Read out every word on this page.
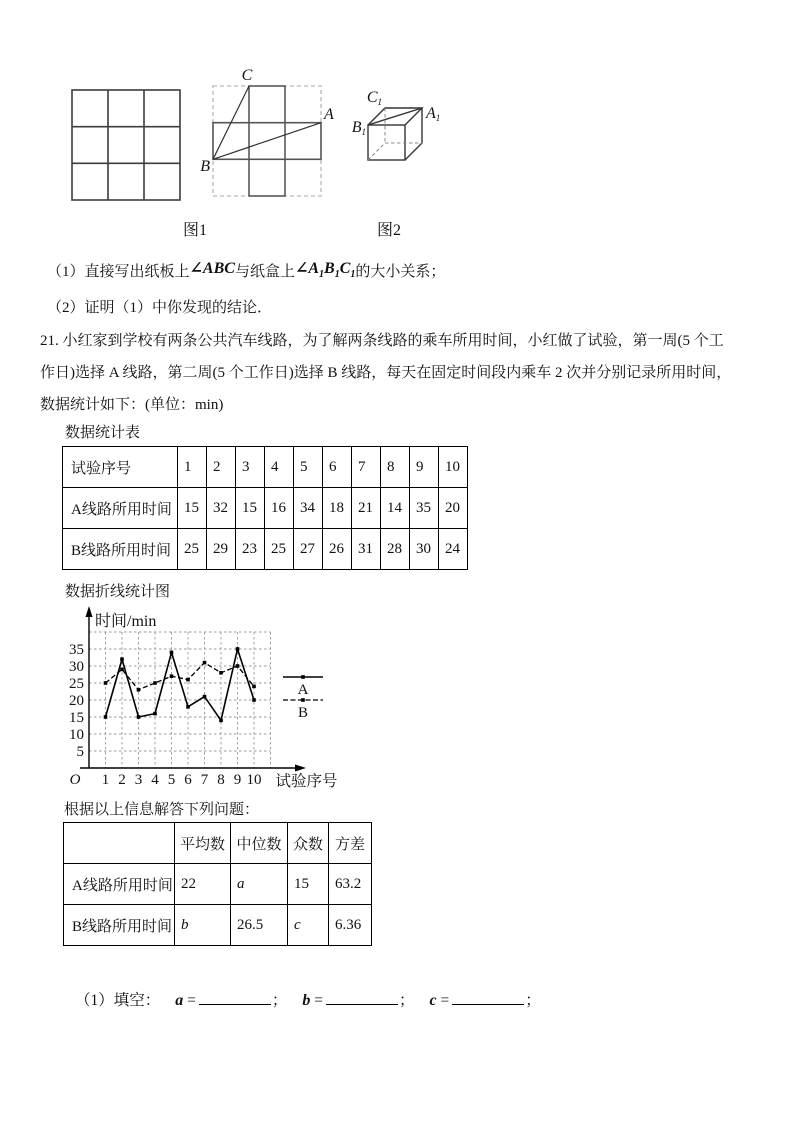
B
A
C
C1
A1
B1
图1	图2
（1）直接写出纸板上∠ABC与纸盒上$\angle A_1B_1C_1$的大小关系；
（2）证明（1）中你发现的结论．
21. 小红家到学校有两条公共汽车线路，为了解两条线路的乘车所用时间，小红做了试验，第一周(5 个工
作日)选择 A 线路，第二周(5 个工作日)选择 B 线路，每天在固定时间段内乘车 2 次并分别记录所用时间，
数据统计如下：(单位：min)
数据统计表
试验序号	1	2	3	4	5	6	7	8	9	10
A线路所用时间	15	32	15	16	34	18	21	14	35	20
B线路所用时间	25	29	23	25	27	26	31	28	30	24
数据折线统计图
5
10
15
20
25
30
35
1 2 3 4 5 6 7 8 9 10
O
时间/min
试验序号
A
B
根据以上信息解答下列问题：
	平均数	中位数	众数	方差
A线路所用时间	22	a	15	63.2
B线路所用时间	b	26.5	c	6.36
（1）填空： a =	； b =	； c =	；
